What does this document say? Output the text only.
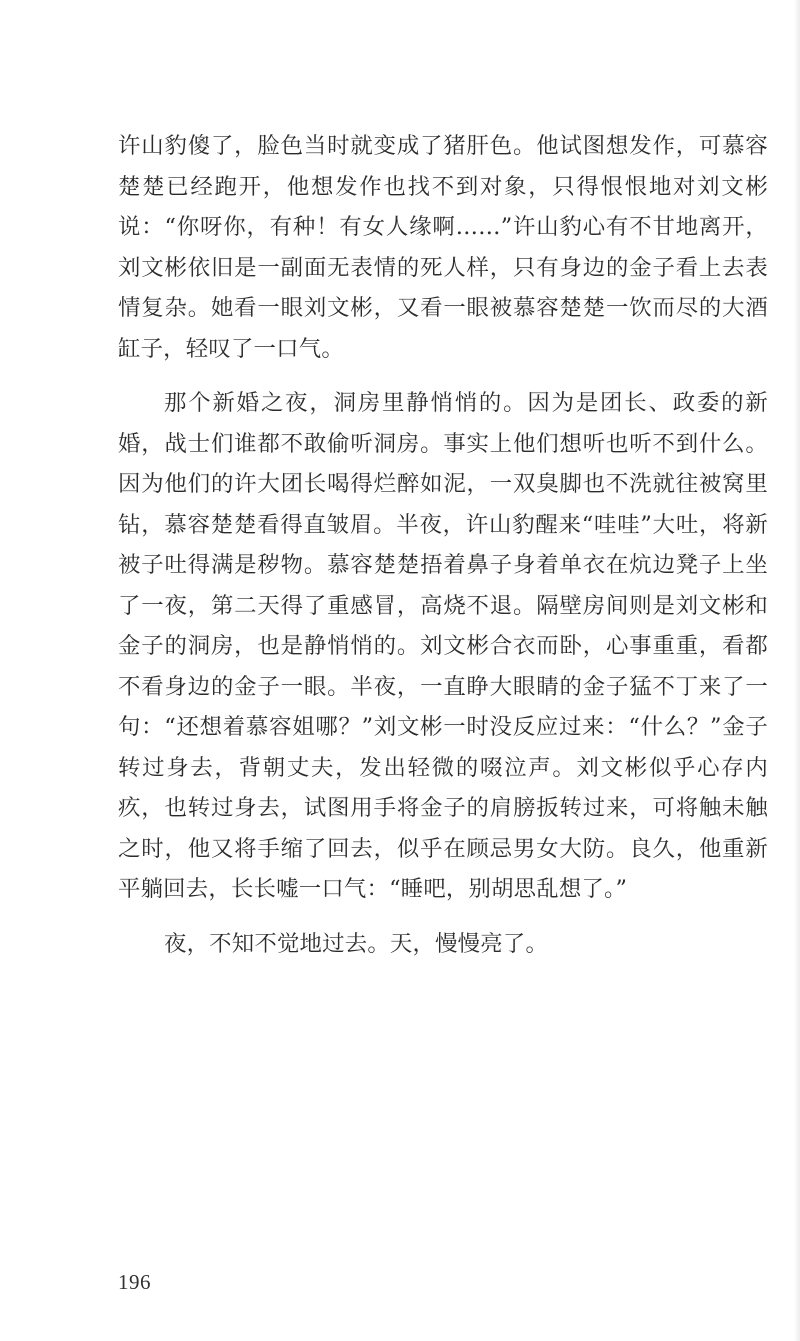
许山豹傻了，脸色当时就变成了猪肝色。他试图想发作，可慕容楚楚已经跑开，他想发作也找不到对象，只得恨恨地对刘文彬说：“你呀你，有种！有女人缘啊……”许山豹心有不甘地离开，刘文彬依旧是一副面无表情的死人样，只有身边的金子看上去表情复杂。她看一眼刘文彬，又看一眼被慕容楚楚一饮而尽的大酒缸子，轻叹了一口气。

那个新婚之夜，洞房里静悄悄的。因为是团长、政委的新婚，战士们谁都不敢偷听洞房。事实上他们想听也听不到什么。因为他们的许大团长喝得烂醉如泥，一双臭脚也不洗就往被窝里钻，慕容楚楚看得直皱眉。半夜，许山豹醒来“哇哇”大吐，将新被子吐得满是秽物。慕容楚楚捂着鼻子身着单衣在炕边凳子上坐了一夜，第二天得了重感冒，高烧不退。隔壁房间则是刘文彬和金子的洞房，也是静悄悄的。刘文彬合衣而卧，心事重重，看都不看身边的金子一眼。半夜，一直睁大眼睛的金子猛不丁来了一句：“还想着慕容姐哪？”刘文彬一时没反应过来：“什么？”金子转过身去，背朝丈夫，发出轻微的啜泣声。刘文彬似乎心存内疚，也转过身去，试图用手将金子的肩膀扳转过来，可将触未触之时，他又将手缩了回去，似乎在顾忌男女大防。良久，他重新平躺回去，长长嘘一口气：“睡吧，别胡思乱想了。”

夜，不知不觉地过去。天，慢慢亮了。

196
